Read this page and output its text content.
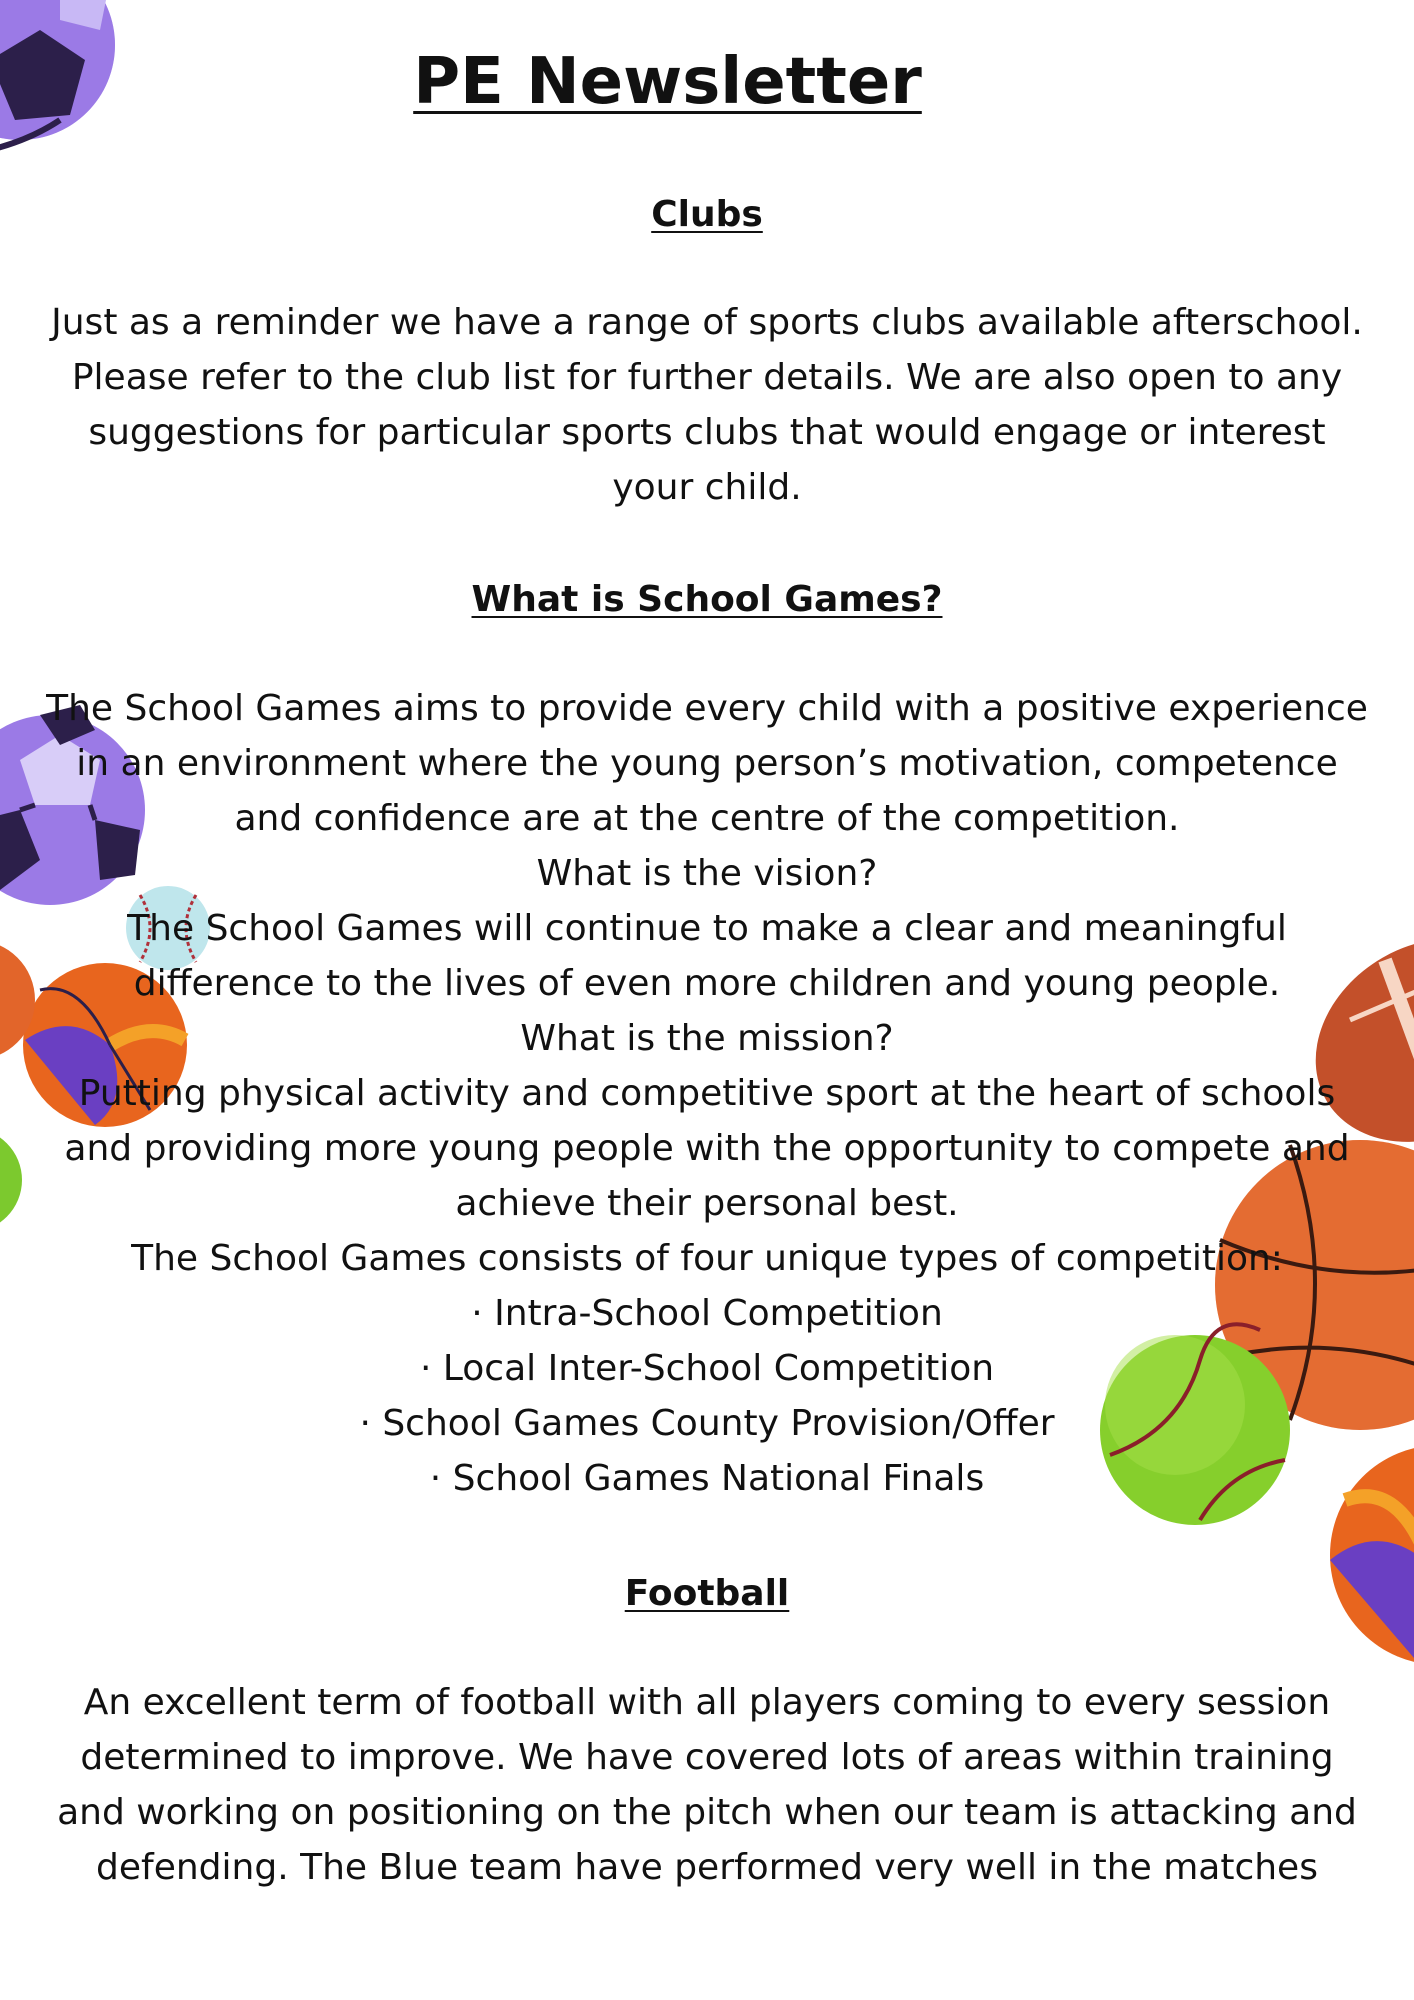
PE Newsletter
Clubs
Just as a reminder we have a range of sports clubs available afterschool.
Please refer to the club list for further details. We are also open to any
suggestions for particular sports clubs that would engage or interest
your child.
What is School Games?
The School Games aims to provide every child with a positive experience
in an environment where the young person’s motivation, competence
and confidence are at the centre of the competition.
What is the vision?
The School Games will continue to make a clear and meaningful
difference to the lives of even more children and young people.
What is the mission?
Putting physical activity and competitive sport at the heart of schools
and providing more young people with the opportunity to compete and
achieve their personal best.
The School Games consists of four unique types of competition:
· Intra-School Competition
· Local Inter-School Competition
· School Games County Provision/Offer
· School Games National Finals
Football
An excellent term of football with all players coming to every session
determined to improve. We have covered lots of areas within training
and working on positioning on the pitch when our team is attacking and
defending. The Blue team have performed very well in the matches
